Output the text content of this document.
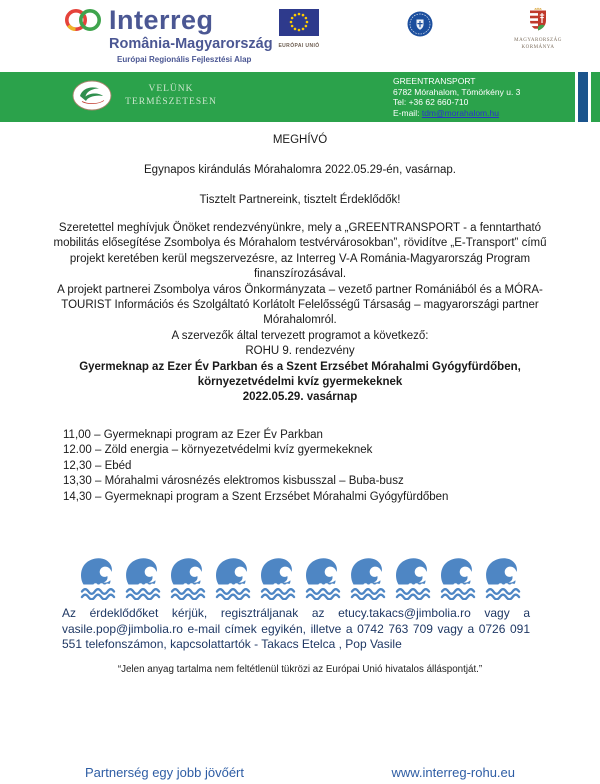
Interreg
România-Magyarország
Európai Regionális Fejlesztési Alap
EURÓPAI UNIÓ
MAGYARORSZÁG
KORMÁNYA
VELÜNK
TERMÉSZETESEN
GREENTRANSPORT
6782 Mórahalom, Tömörkény u. 3
Tel: +36 62 660-710
E-mail: tdm@morahalom.hu
MEGHÍVÓ
Egynapos kirándulás Mórahalomra 2022.05.29-én, vasárnap.
Tisztelt Partnereink, tisztelt Érdeklődők!
Szeretettel meghívjuk Önöket rendezvényünkre, mely a „GREENTRANSPORT - a fenntartható mobilitás elősegítése Zsombolya és Mórahalom testvérvárosokban”, rövidítve „E-Transport” című projekt keretében kerül megszervezésre, az Interreg V-A Románia-Magyarország Program finanszírozásával.
A projekt partnerei Zsombolya város Önkormányzata – vezető partner Romániából és a MÓRA-TOURIST Információs és Szolgáltató Korlátolt Felelősségű Társaság – magyarországi partner Mórahalomról.
A szervezők által tervezett programot a következő:
ROHU 9. rendezvény
Gyermeknap az Ezer Év Parkban és a Szent Erzsébet Mórahalmi Gyógyfürdőben,
környezetvédelmi kvíz gyermekeknek
2022.05.29. vasárnap
11,00 – Gyermeknapi program az Ezer Év Parkban
12.00 – Zöld energia – környezetvédelmi kvíz gyermekeknek
12,30 – Ebéd
13,30 – Mórahalmi városnézés elektromos kisbusszal – Buba-busz
14,30 – Gyermeknapi program a Szent Erzsébet Mórahalmi Gyógyfürdőben
Az érdeklődőket kérjük, regisztráljanak az etucy.takacs@jimbolia.ro vagy a vasile.pop@jimbolia.ro e-mail címek egyikén, illetve a 0742 763 709 vagy a 0726 091 551 telefonszámon, kapcsolattartók - Takacs Etelca , Pop Vasile
“Jelen anyag tartalma nem feltétlenül tükrözi az Európai Unió hivatalos álláspontját.”
Partnerség egy jobb jövőért	www.interreg-rohu.eu
